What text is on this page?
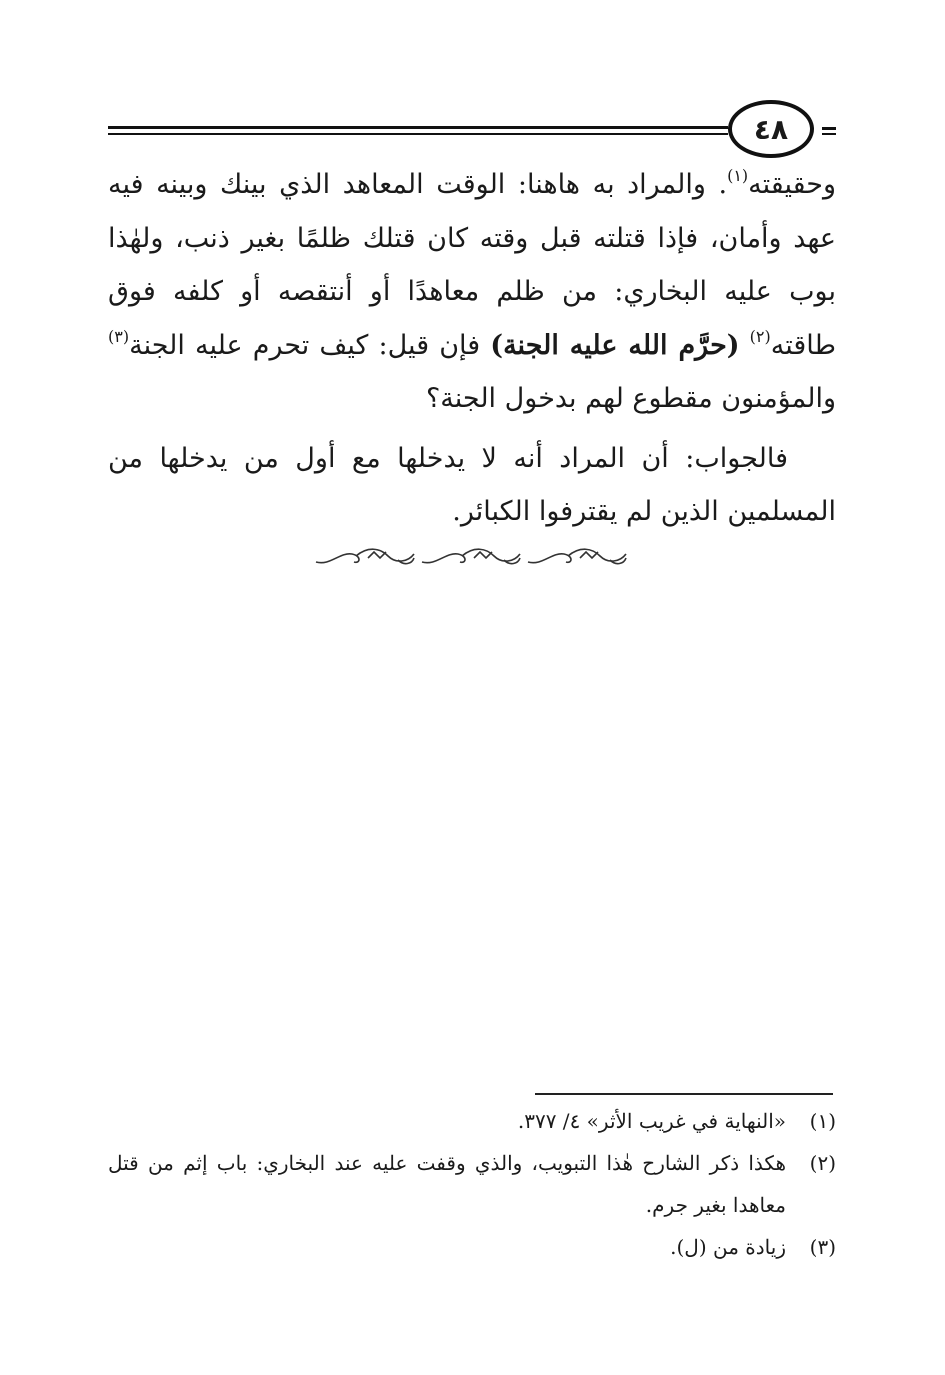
٤٨

وحقيقته$^{(١)}$. والمراد به هاهنا: الوقت المعاهد الذي بينك وبينه فيه عهد وأمان، فإذا قتلته قبل وقته كان قتلك ظلمًا بغير ذنب، ولهٰذا بوب عليه البخاري: من ظلم معاهدًا أو أنتقصه أو كلفه فوق طاقته$^{(٢)}$ (حرَّم الله عليه الجنة) فإن قيل: كيف تحرم عليه الجنة$^{(٣)}$ والمؤمنون مقطوع لهم بدخول الجنة؟

فالجواب: أن المراد أنه لا يدخلها مع أول من يدخلها من المسلمين الذين لم يقترفوا الكبائر.

(١)
«النهاية في غريب الأثر» ٤/ ٣٧٧.
(٢)
هكذا ذكر الشارح هٰذا التبويب، والذي وقفت عليه عند البخاري: باب إثم من قتل معاهدا بغير جرم.
(٣)
زيادة من (ل).
